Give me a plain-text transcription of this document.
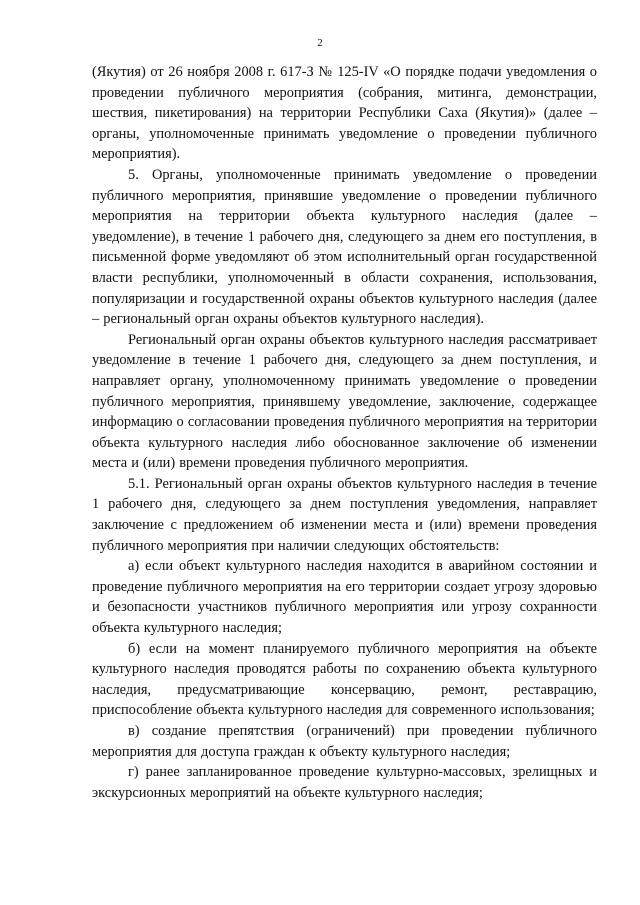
2

(Якутия) от 26 ноября 2008 г. 617-З № 125-IV «О порядке подачи уведомления о проведении публичного мероприятия (собрания, митинга, демонстрации, шествия, пикетирования) на территории Республики Саха (Якутия)» (далее – органы, уполномоченные принимать уведомление о проведении публичного мероприятия).

5. Органы, уполномоченные принимать уведомление о проведении публичного мероприятия, принявшие уведомление о проведении публичного мероприятия на территории объекта культурного наследия (далее – уведомление), в течение 1 рабочего дня, следующего за днем его поступления, в письменной форме уведомляют об этом исполнительный орган государственной власти республики, уполномоченный в области сохранения, использования, популяризации и государственной охраны объектов культурного наследия (далее – региональный орган охраны объектов культурного наследия).

Региональный орган охраны объектов культурного наследия рассматривает уведомление в течение 1 рабочего дня, следующего за днем поступления, и направляет органу, уполномоченному принимать уведомление о проведении публичного мероприятия, принявшему уведомление, заключение, содержащее информацию о согласовании проведения публичного мероприятия на территории объекта культурного наследия либо обоснованное заключение об изменении места и (или) времени проведения публичного мероприятия.

5.1. Региональный орган охраны объектов культурного наследия в течение 1 рабочего дня, следующего за днем поступления уведомления, направляет заключение с предложением об изменении места и (или) времени проведения публичного мероприятия при наличии следующих обстоятельств:

а) если объект культурного наследия находится в аварийном состоянии и проведение публичного мероприятия на его территории создает угрозу здоровью и безопасности участников публичного мероприятия или угрозу сохранности объекта культурного наследия;

б) если на момент планируемого публичного мероприятия на объекте культурного наследия проводятся работы по сохранению объекта культурного наследия, предусматривающие консервацию, ремонт, реставрацию, приспособление объекта культурного наследия для современного использования;

в) создание препятствия (ограничений) при проведении публичного мероприятия для доступа граждан к объекту культурного наследия;

г) ранее запланированное проведение культурно-массовых, зрелищных и экскурсионных мероприятий на объекте культурного наследия;
